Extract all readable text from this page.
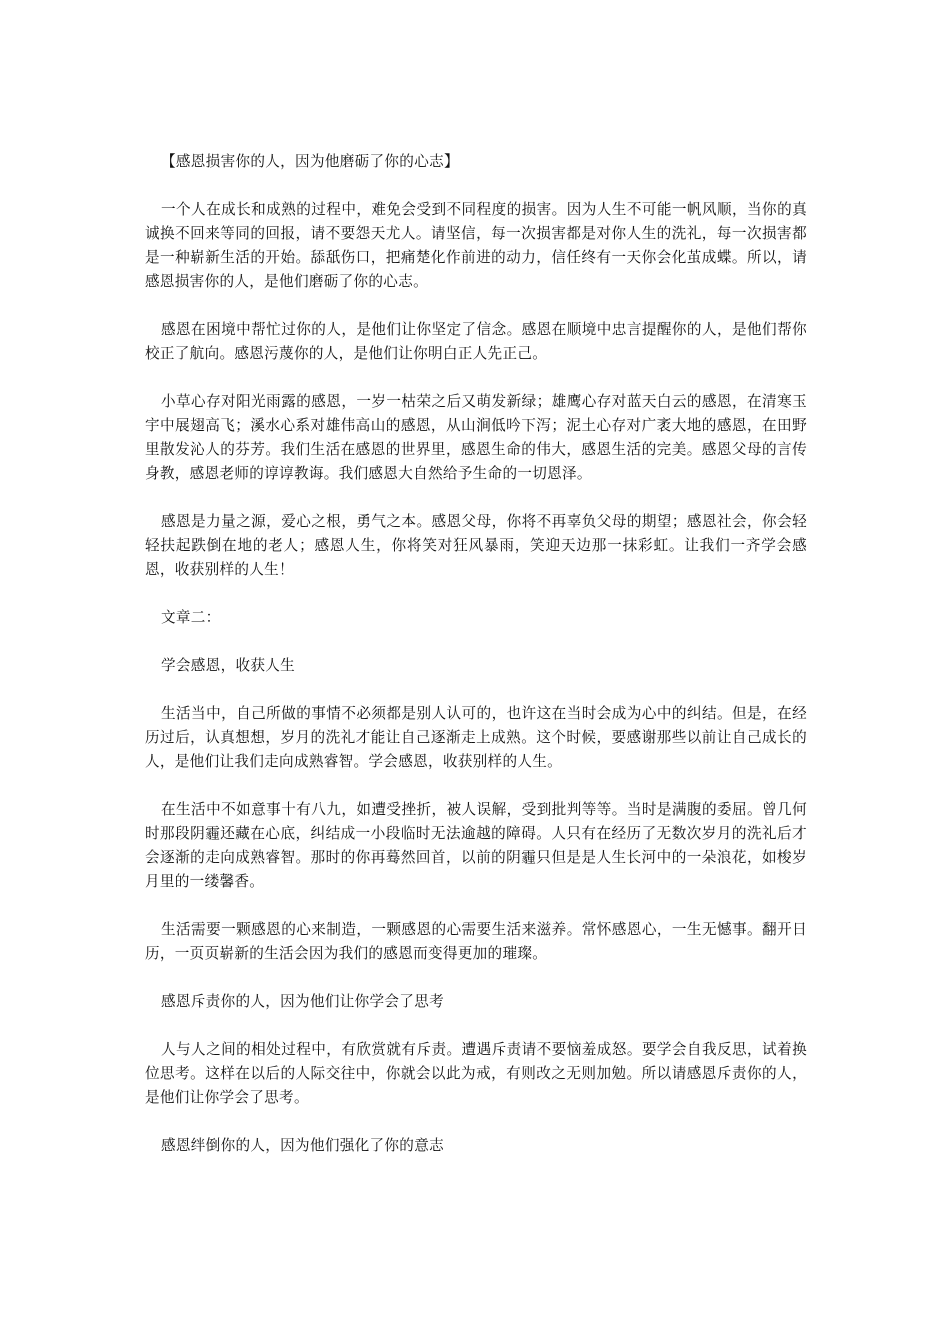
【感恩损害你的人，因为他磨砺了你的心志】

一个人在成长和成熟的过程中，难免会受到不同程度的损害。因为人生不可能一帆风顺，当你的真诚换不回来等同的回报，请不要怨天尤人。请坚信，每一次损害都是对你人生的洗礼，每一次损害都是一种崭新生活的开始。舔舐伤口，把痛楚化作前进的动力，信任终有一天你会化茧成蝶。所以，请感恩损害你的人，是他们磨砺了你的心志。

感恩在困境中帮忙过你的人，是他们让你坚定了信念。感恩在顺境中忠言提醒你的人，是他们帮你校正了航向。感恩污蔑你的人，是他们让你明白正人先正己。

小草心存对阳光雨露的感恩，一岁一枯荣之后又萌发新绿；雄鹰心存对蓝天白云的感恩，在清寒玉宇中展翅高飞；溪水心系对雄伟高山的感恩，从山涧低吟下泻；泥土心存对广袤大地的感恩，在田野里散发沁人的芬芳。我们生活在感恩的世界里，感恩生命的伟大，感恩生活的完美。感恩父母的言传身教，感恩老师的谆谆教诲。我们感恩大自然给予生命的一切恩泽。

感恩是力量之源，爱心之根，勇气之本。感恩父母，你将不再辜负父母的期望；感恩社会，你会轻轻扶起跌倒在地的老人；感恩人生，你将笑对狂风暴雨，笑迎天边那一抹彩虹。让我们一齐学会感恩，收获别样的人生！

文章二：

学会感恩，收获人生

生活当中，自己所做的事情不必须都是别人认可的，也许这在当时会成为心中的纠结。但是，在经历过后，认真想想，岁月的洗礼才能让自己逐渐走上成熟。这个时候，要感谢那些以前让自己成长的人，是他们让我们走向成熟睿智。学会感恩，收获别样的人生。

在生活中不如意事十有八九，如遭受挫折，被人误解，受到批判等等。当时是满腹的委屈。曾几何时那段阴霾还藏在心底，纠结成一小段临时无法逾越的障碍。人只有在经历了无数次岁月的洗礼后才会逐渐的走向成熟睿智。那时的你再蓦然回首，以前的阴霾只但是是人生长河中的一朵浪花，如梭岁月里的一缕馨香。

生活需要一颗感恩的心来制造，一颗感恩的心需要生活来滋养。常怀感恩心，一生无憾事。翻开日历，一页页崭新的生活会因为我们的感恩而变得更加的璀璨。

感恩斥责你的人，因为他们让你学会了思考

人与人之间的相处过程中，有欣赏就有斥责。遭遇斥责请不要恼羞成怒。要学会自我反思，试着换位思考。这样在以后的人际交往中，你就会以此为戒，有则改之无则加勉。所以请感恩斥责你的人，是他们让你学会了思考。

感恩绊倒你的人，因为他们强化了你的意志
